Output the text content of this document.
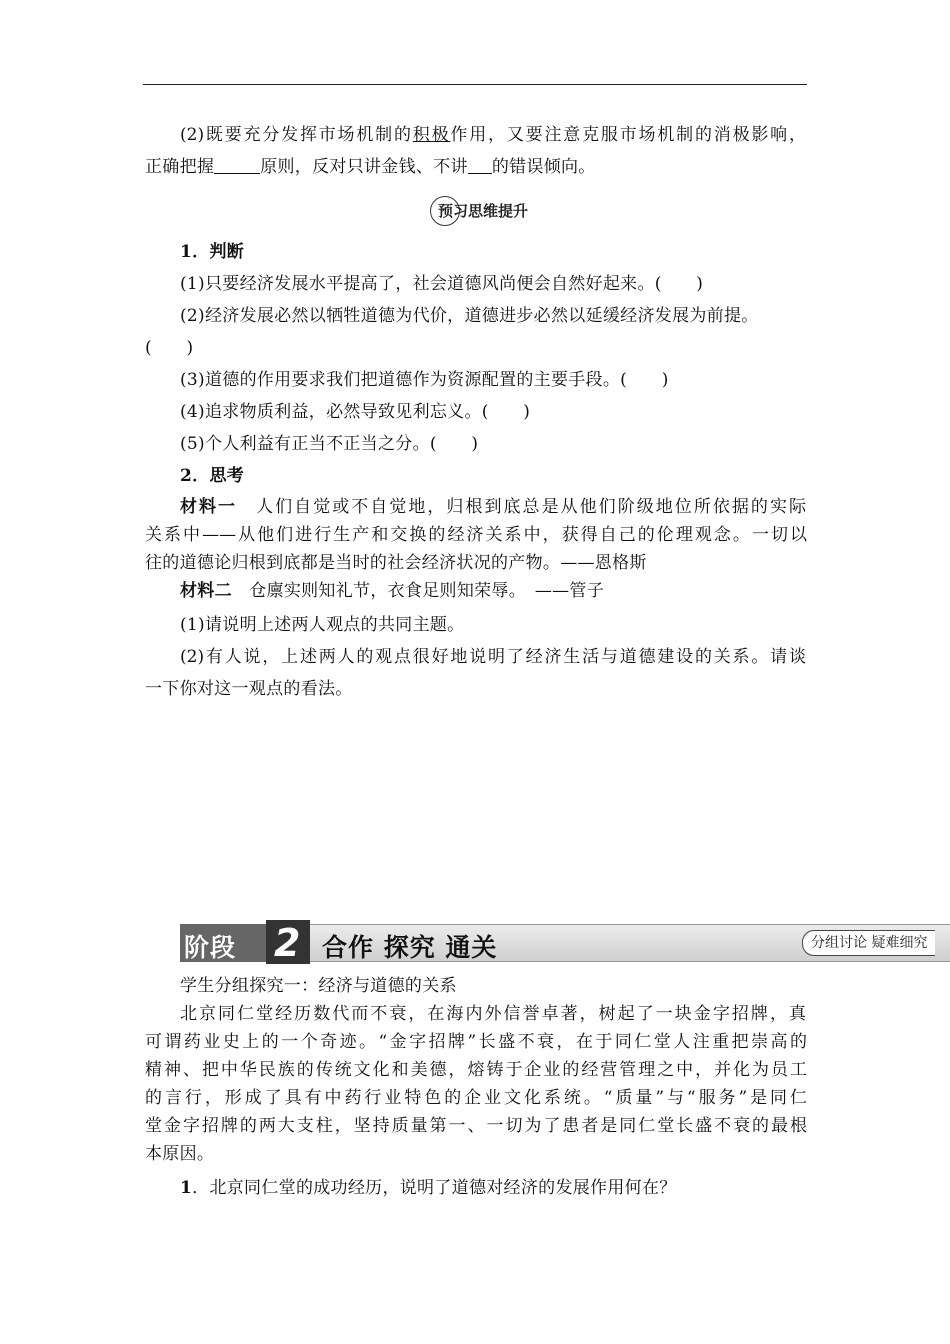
(2)既要充分发挥市场机制的积极作用，又要注意克服市场机制的消极影响，
正确把握	原则，反对只讲金钱、不讲 的错误倾向。
预习思维提升
1．判断
(1)只要经济发展水平提高了，社会道德风尚便会自然好起来。(　　)
(2)经济发展必然以牺牲道德为代价，道德进步必然以延缓经济发展为前提。
(　　)
(3)道德的作用要求我们把道德作为资源配置的主要手段。(　　)
(4)追求物质利益，必然导致见利忘义。(　　)
(5)个人利益有正当不正当之分。(　　)
2．思考
材料一　 人们自觉或不自觉地，归根到底总是从他们阶级地位所依据的实际
关系中——从他们进行生产和交换的经济关系中，获得自己的伦理观念。一切以
往的道德论归根到底都是当时的社会经济状况的产物。——恩格斯
材料二　 仓廪实则知礼节，衣食足则知荣辱。　——管子
(1)请说明上述两人观点的共同主题。
(2)有人说，上述两人的观点很好地说明了经济生活与道德建设的关系。请谈
一下你对这一观点的看法。
阶段 2 合作 探究 通关	分组讨论 疑难细究
学生分组探究一：经济与道德的关系
北京同仁堂经历数代而不衰，在海内外信誉卓著，树起了一块金字招牌，真
可谓药业史上的一个奇迹。“金字招牌”长盛不衰，在于同仁堂人注重把崇高的
精神、把中华民族的传统文化和美德，熔铸于企业的经营管理之中，并化为员工
的言行，形成了具有中药行业特色的企业文化系统。“质量”与“服务”是同仁
堂金字招牌的两大支柱，坚持质量第一、一切为了患者是同仁堂长盛不衰的最根
本原因。
1．北京同仁堂的成功经历，说明了道德对经济的发展作用何在？
